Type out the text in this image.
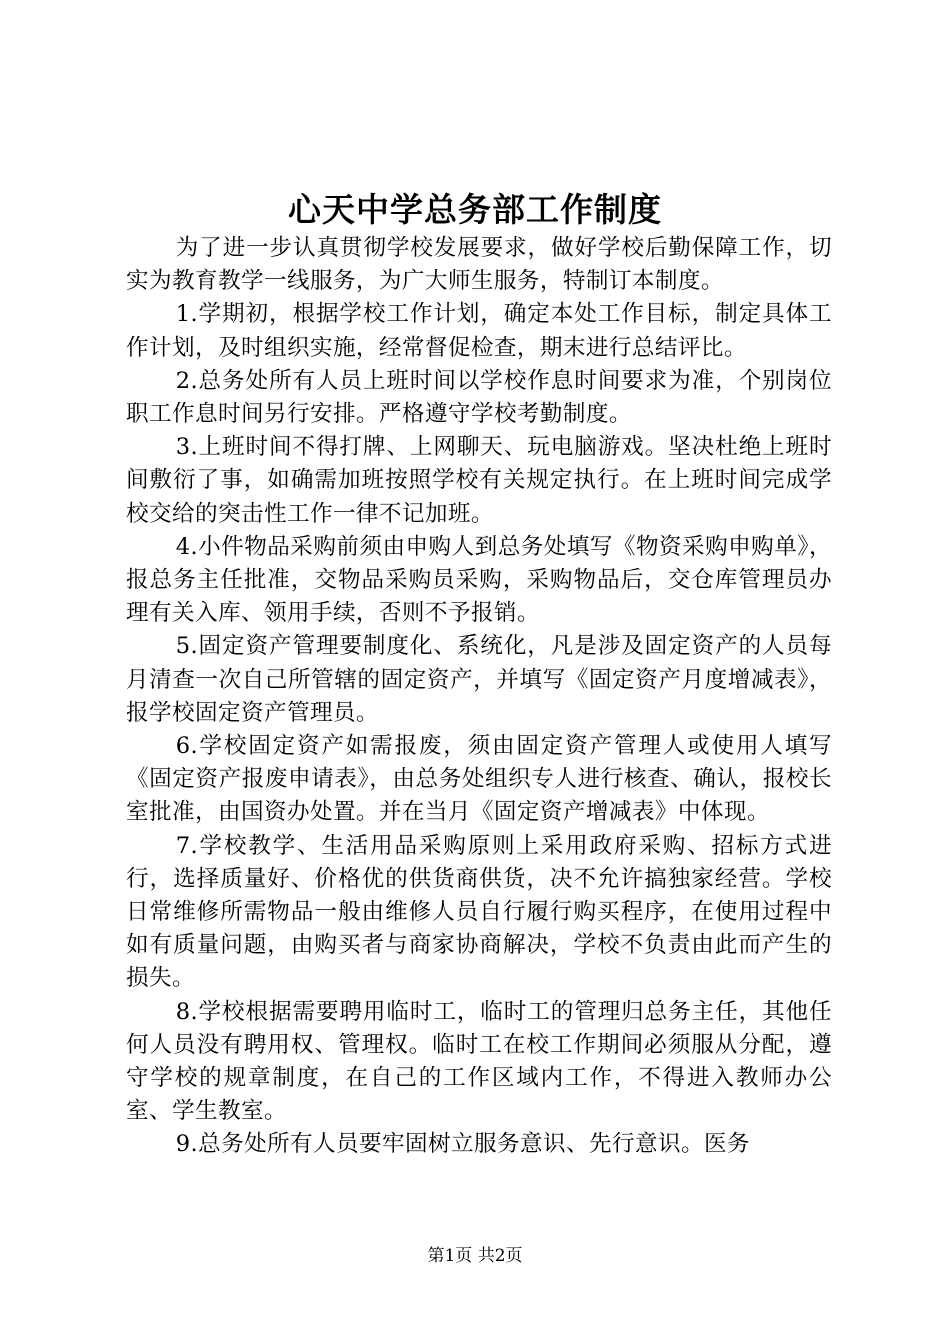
心天中学总务部工作制度

为了进一步认真贯彻学校发展要求，做好学校后勤保障工作，切实为教育教学一线服务，为广大师生服务，特制订本制度。

1.学期初，根据学校工作计划，确定本处工作目标，制定具体工作计划，及时组织实施，经常督促检查，期末进行总结评比。

2.总务处所有人员上班时间以学校作息时间要求为准，个别岗位职工作息时间另行安排。严格遵守学校考勤制度。

3.上班时间不得打牌、上网聊天、玩电脑游戏。坚决杜绝上班时间敷衍了事，如确需加班按照学校有关规定执行。在上班时间完成学校交给的突击性工作一律不记加班。

4.小件物品采购前须由申购人到总务处填写《物资采购申购单》，报总务主任批准，交物品采购员采购，采购物品后，交仓库管理员办理有关入库、领用手续，否则不予报销。

5.固定资产管理要制度化、系统化，凡是涉及固定资产的人员每月清查一次自己所管辖的固定资产，并填写《固定资产月度增减表》，报学校固定资产管理员。

6.学校固定资产如需报废，须由固定资产管理人或使用人填写《固定资产报废申请表》，由总务处组织专人进行核查、确认，报校长室批准，由国资办处置。并在当月《固定资产增减表》中体现。

7.学校教学、生活用品采购原则上采用政府采购、招标方式进行，选择质量好、价格优的供货商供货，决不允许搞独家经营。学校日常维修所需物品一般由维修人员自行履行购买程序，在使用过程中如有质量问题，由购买者与商家协商解决，学校不负责由此而产生的损失。

8.学校根据需要聘用临时工，临时工的管理归总务主任，其他任何人员没有聘用权、管理权。临时工在校工作期间必须服从分配，遵守学校的规章制度，在自己的工作区域内工作，不得进入教师办公室、学生教室。

9.总务处所有人员要牢固树立服务意识、先行意识。医务

第1页 共2页
